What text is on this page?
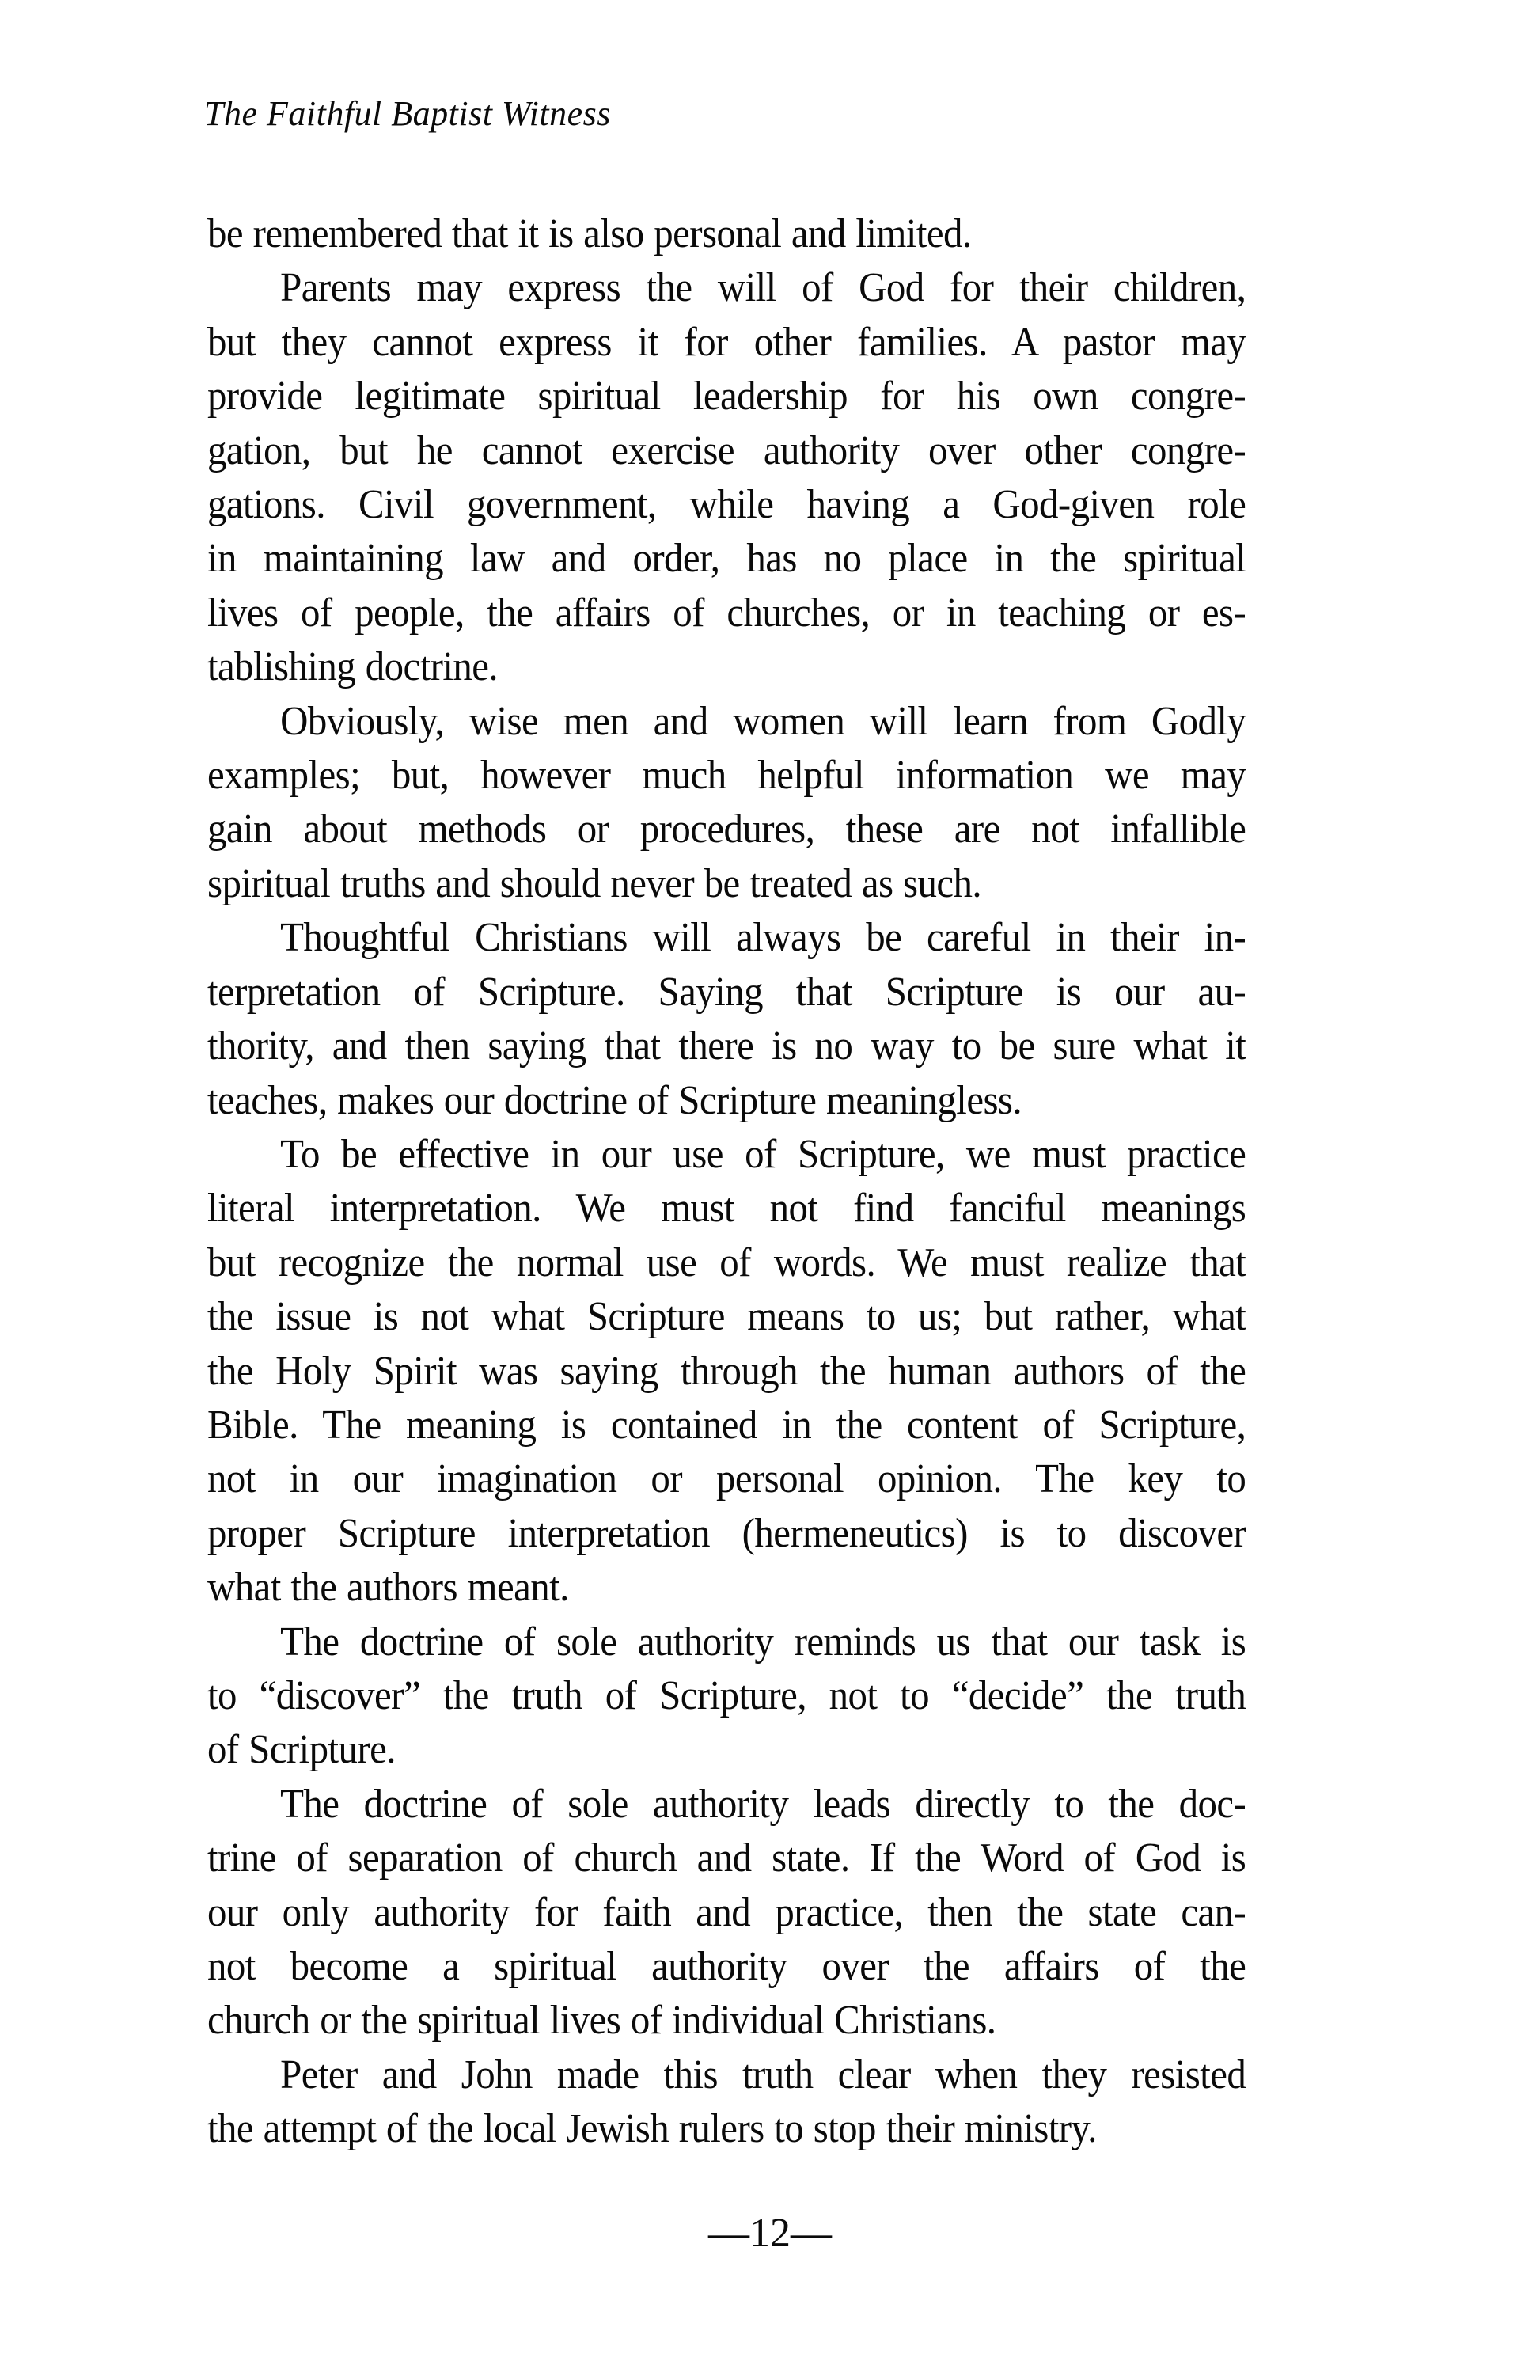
The Faithful Baptist Witness

be remembered that it is also personal and limited.

Parents may express the will of God for their children,
but they cannot express it for other families. A pastor may
provide legitimate spiritual leadership for his own congre-
gation, but he cannot exercise authority over other congre-
gations. Civil government, while having a God-given role
in maintaining law and order, has no place in the spiritual
lives of people, the affairs of churches, or in teaching or es-
tablishing doctrine.

Obviously, wise men and women will learn from Godly
examples; but, however much helpful information we may
gain about methods or procedures, these are not infallible
spiritual truths and should never be treated as such.

Thoughtful Christians will always be careful in their in-
terpretation of Scripture. Saying that Scripture is our au-
thority, and then saying that there is no way to be sure what it
teaches, makes our doctrine of Scripture meaningless.

To be effective in our use of Scripture, we must practice
literal interpretation. We must not find fanciful meanings
but recognize the normal use of words. We must realize that
the issue is not what Scripture means to us; but rather, what
the Holy Spirit was saying through the human authors of the
Bible. The meaning is contained in the content of Scripture,
not in our imagination or personal opinion. The key to
proper Scripture interpretation (hermeneutics) is to discover
what the authors meant.

The doctrine of sole authority reminds us that our task is
to “discover” the truth of Scripture, not to “decide” the truth
of Scripture.

The doctrine of sole authority leads directly to the doc-
trine of separation of church and state. If the Word of God is
our only authority for faith and practice, then the state can-
not become a spiritual authority over the affairs of the
church or the spiritual lives of individual Christians.

Peter and John made this truth clear when they resisted
the attempt of the local Jewish rulers to stop their ministry.

—12—
